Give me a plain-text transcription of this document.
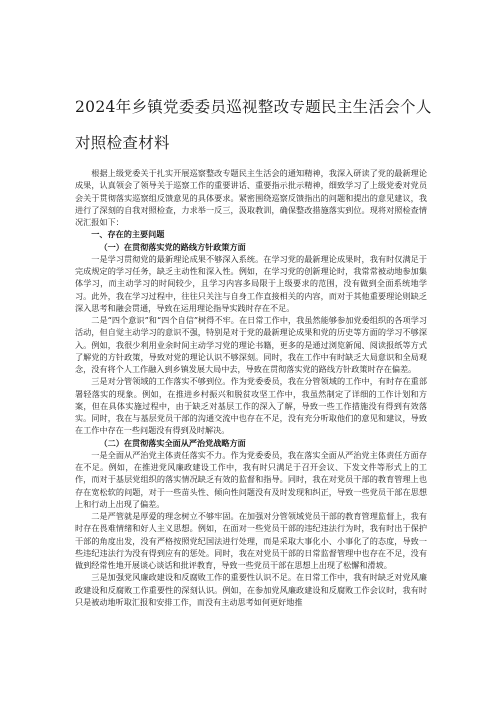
2024年乡镇党委委员巡视整改专题民主生活会个人
对照检查材料

根据上级党委关于扎实开展巡察整改专题民主生活会的通知精神，我深入研读了党的最新理论成果，认真领会了领导关于巡察工作的重要讲话、重要指示批示精神，细致学习了上级党委对党员会关于贯彻落实巡察组反馈意见的具体要求。紧密围绕巡察反馈指出的问题和提出的意见建议，我进行了深刻的自我对照检查，力求举一反三，汲取教训，确保整改措施落实到位。现将对照检查情况汇报如下：

一、存在的主要问题

（一）在贯彻落实党的路线方针政策方面

一是学习贯彻党的最新理论成果不够深入系统。在学习党的最新理论成果时，我有时仅满足于完成规定的学习任务，缺乏主动性和深入性。例如，在学习党的创新理论时，我常常被动地参加集体学习，而主动学习的时间较少，且学习内容多局限于上级要求的范围，没有做到全面系统地学习。此外，我在学习过程中，往往只关注与自身工作直接相关的内容，而对于其他重要理论则缺乏深入思考和融会贯通，导致在运用理论指导实践时存在不足。

二是“四个意识”和“四个自信”树得不牢。在日常工作中，我虽然能够参加党委组织的各项学习活动，但自觉主动学习的意识不强，特别是对于党的最新理论成果和党的历史等方面的学习不够深入。例如，我很少利用业余时间主动学习党的理论书籍，更多的是通过浏览新闻、阅读报纸等方式了解党的方针政策，导致对党的理论认识不够深刻。同时，我在工作中有时缺乏大局意识和全局观念，没有将个人工作融入到乡镇发展大局中去，导致在贯彻落实党的路线方针政策时存在偏差。

三是对分管领域的工作落实不够到位。作为党委委员，我在分管领域的工作中，有时存在重部署轻落实的现象。例如，在推进乡村振兴和脱贫攻坚工作中，我虽然制定了详细的工作计划和方案，但在具体实施过程中，由于缺乏对基层工作的深入了解，导致一些工作措施没有得到有效落实。同时，我在与基层党员干部的沟通交流中也存在不足，没有充分听取他们的意见和建议，导致在工作中存在一些问题没有得到及时解决。

（二）在贯彻落实全面从严治党战略方面

一是全面从严治党主体责任落实不力。作为党委委员，我在落实全面从严治党主体责任方面存在不足。例如，在推进党风廉政建设工作中，我有时只满足于召开会议、下发文件等形式上的工作，而对于基层党组织的落实情况缺乏有效的监督和指导。同时，我在对党员干部的教育管理上也存在宽松软的问题，对于一些苗头性、倾向性问题没有及时发现和纠正，导致一些党员干部在思想上和行动上出现了偏差。

二是严管就是厚爱的理念树立不够牢固。在加强对分管领域党员干部的教育管理监督上，我有时存在畏难情绪和好人主义思想。例如，在面对一些党员干部的违纪违法行为时，我有时出于保护干部的角度出发，没有严格按照党纪国法进行处理，而是采取大事化小、小事化了的态度，导致一些违纪违法行为没有得到应有的惩处。同时，我在对党员干部的日常监督管理中也存在不足，没有做到经常性地开展谈心谈话和批评教育，导致一些党员干部在思想上出现了松懈和滑坡。

三是加强党风廉政建设和反腐败工作的重要性认识不足。在日常工作中，我有时缺乏对党风廉政建设和反腐败工作重要性的深刻认识。例如，在参加党风廉政建设和反腐败工作会议时，我有时只是被动地听取汇报和安排工作，而没有主动思考如何更好地推
